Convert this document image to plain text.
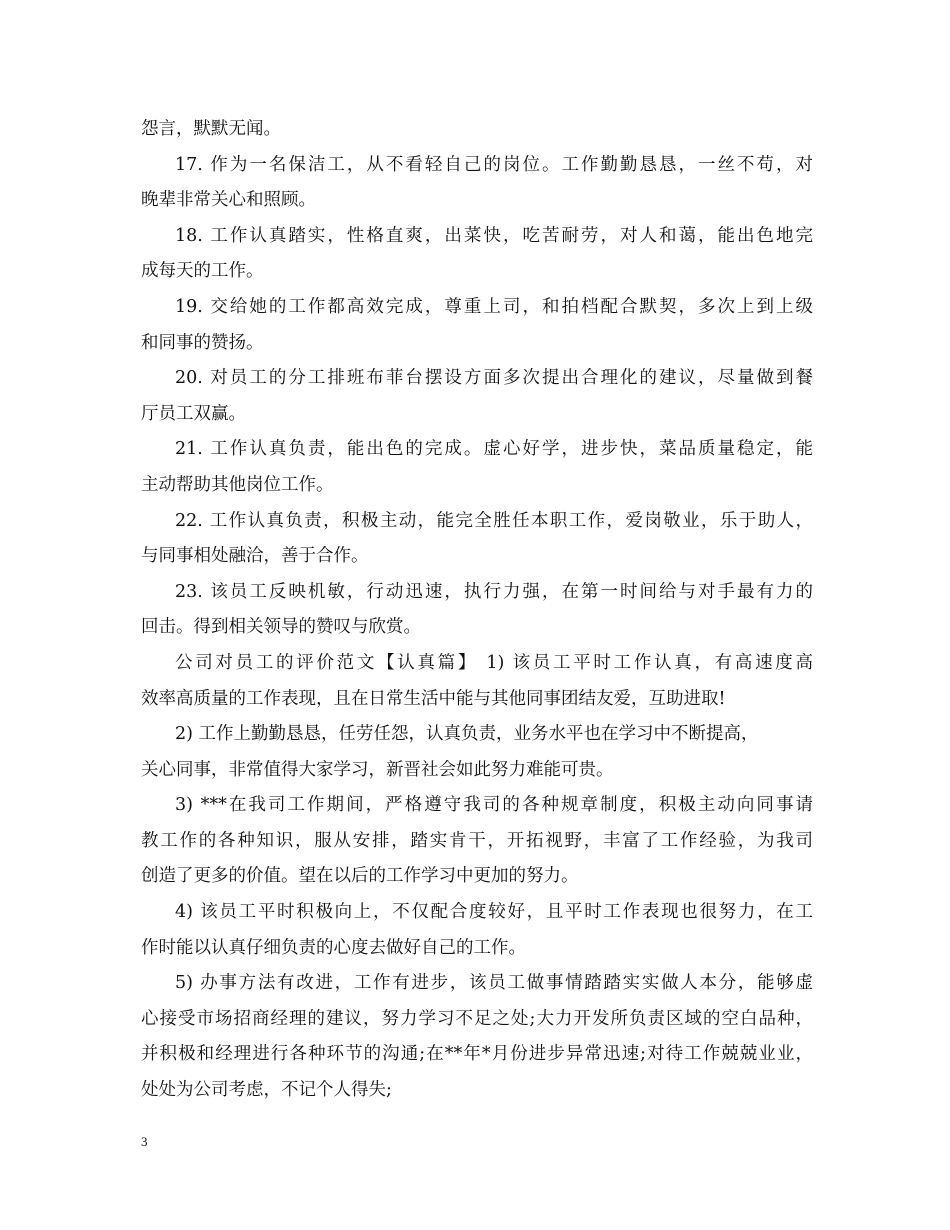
怨言，默默无闻。
17. 作为一名保洁工，从不看轻自己的岗位。工作勤勤恳恳，一丝不苟，对
晚辈非常关心和照顾。
18. 工作认真踏实，性格直爽，出菜快，吃苦耐劳，对人和蔼，能出色地完
成每天的工作。
19. 交给她的工作都高效完成，尊重上司，和拍档配合默契，多次上到上级
和同事的赞扬。
20. 对员工的分工排班布菲台摆设方面多次提出合理化的建议，尽量做到餐
厅员工双赢。
21. 工作认真负责，能出色的完成。虚心好学，进步快，菜品质量稳定，能
主动帮助其他岗位工作。
22. 工作认真负责，积极主动，能完全胜任本职工作，爱岗敬业，乐于助人，
与同事相处融洽，善于合作。
23. 该员工反映机敏，行动迅速，执行力强，在第一时间给与对手最有力的
回击。得到相关领导的赞叹与欣赏。
公司对员工的评价范文【认真篇】 1) 该员工平时工作认真，有高速度高
效率高质量的工作表现，且在日常生活中能与其他同事团结友爱，互助进取!
2) 工作上勤勤恳恳，任劳任怨，认真负责，业务水平也在学习中不断提高，
关心同事，非常值得大家学习，新晋社会如此努力难能可贵。
3) ***在我司工作期间，严格遵守我司的各种规章制度，积极主动向同事请
教工作的各种知识，服从安排，踏实肯干，开拓视野，丰富了工作经验，为我司
创造了更多的价值。望在以后的工作学习中更加的努力。
4) 该员工平时积极向上，不仅配合度较好，且平时工作表现也很努力，在工
作时能以认真仔细负责的心度去做好自己的工作。
5) 办事方法有改进，工作有进步，该员工做事情踏踏实实做人本分，能够虚
心接受市场招商经理的建议，努力学习不足之处;大力开发所负责区域的空白品种，
并积极和经理进行各种环节的沟通;在**年*月份进步异常迅速;对待工作兢兢业业，
处处为公司考虑，不记个人得失;
3
